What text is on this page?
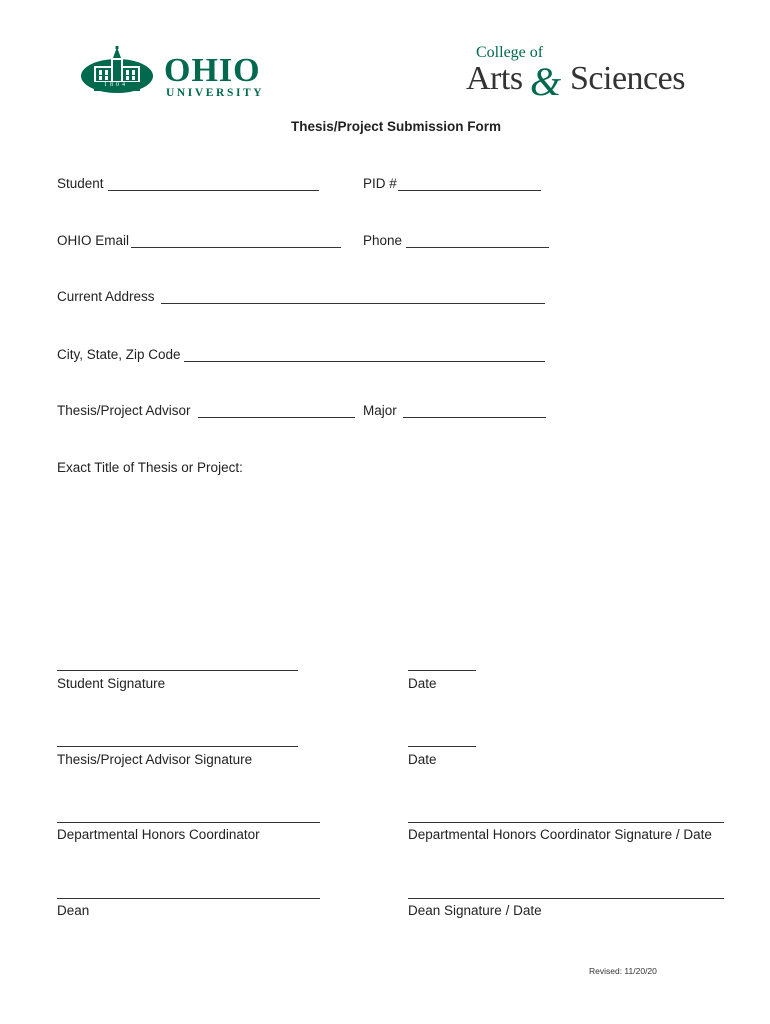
OHIO
UNIVERSITY
1804
College of
Arts & Sciences
Thesis/Project Submission Form
Student	PID #
OHIO Email	Phone
Current Address
City, State, Zip Code
Thesis/Project Advisor	Major
Exact Title of Thesis or Project:
Student Signature	Date
Thesis/Project Advisor Signature	Date
Departmental Honors Coordinator	Departmental Honors Coordinator Signature / Date
Dean	Dean Signature / Date
Revised: 11/20/20
